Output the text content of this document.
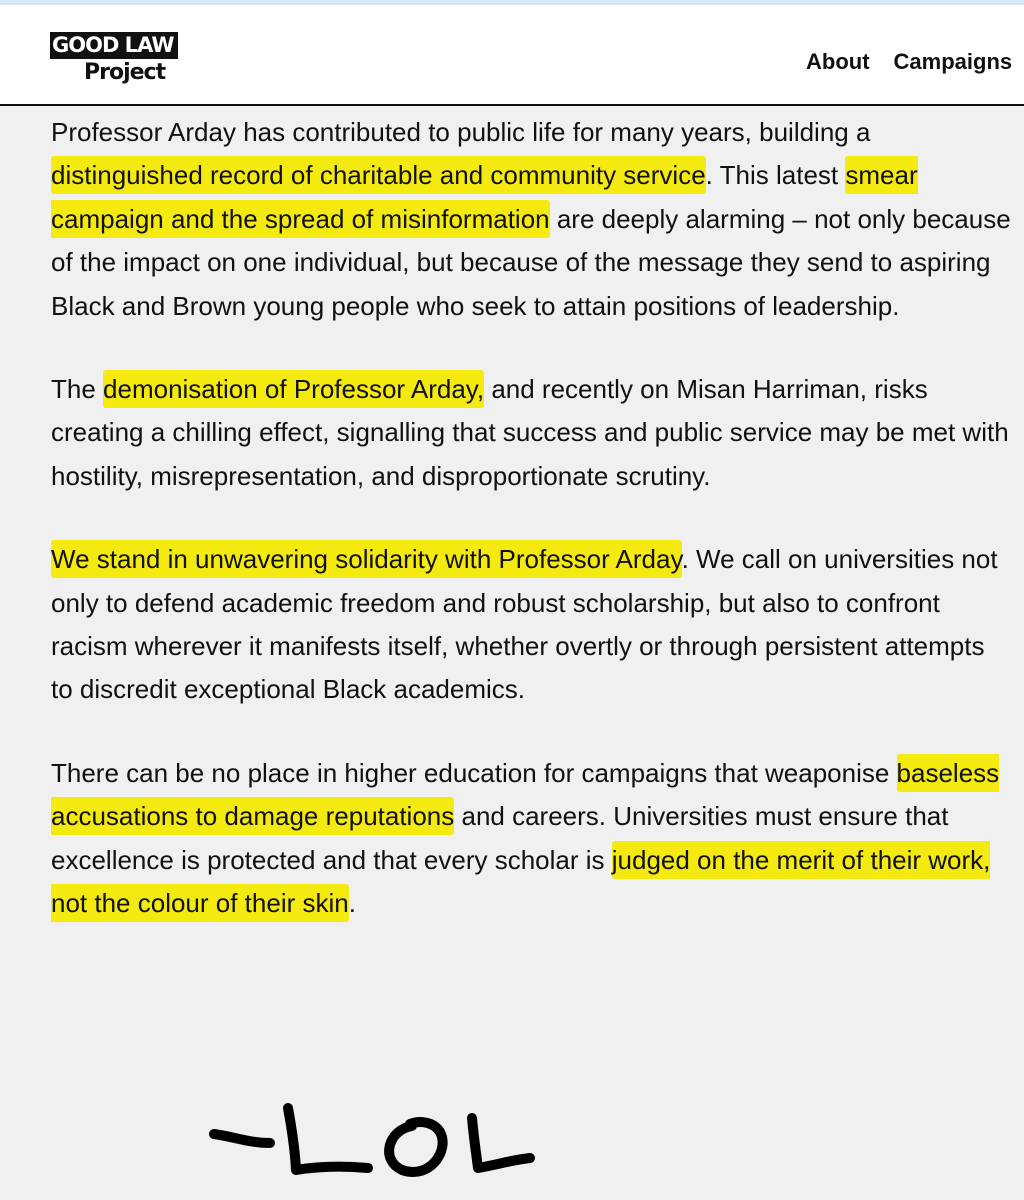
GOOD LAW
Project	About Campaigns

Professor Arday has contributed to public life for many years, building a distinguished record of charitable and community service. This latest smear campaign and the spread of misinformation are deeply alarming – not only because of the impact on one individual, but because of the message they send to aspiring Black and Brown young people who seek to attain positions of leadership.

The demonisation of Professor Arday, and recently on Misan Harriman, risks creating a chilling effect, signalling that success and public service may be met with hostility, misrepresentation, and disproportionate scrutiny.

We stand in unwavering solidarity with Professor Arday. We call on universities not only to defend academic freedom and robust scholarship, but also to confront racism wherever it manifests itself, whether overtly or through persistent attempts to discredit exceptional Black academics.

There can be no place in higher education for campaigns that weaponise baseless accusations to damage reputations and careers. Universities must ensure that excellence is protected and that every scholar is judged on the merit of their work, not the colour of their skin.
